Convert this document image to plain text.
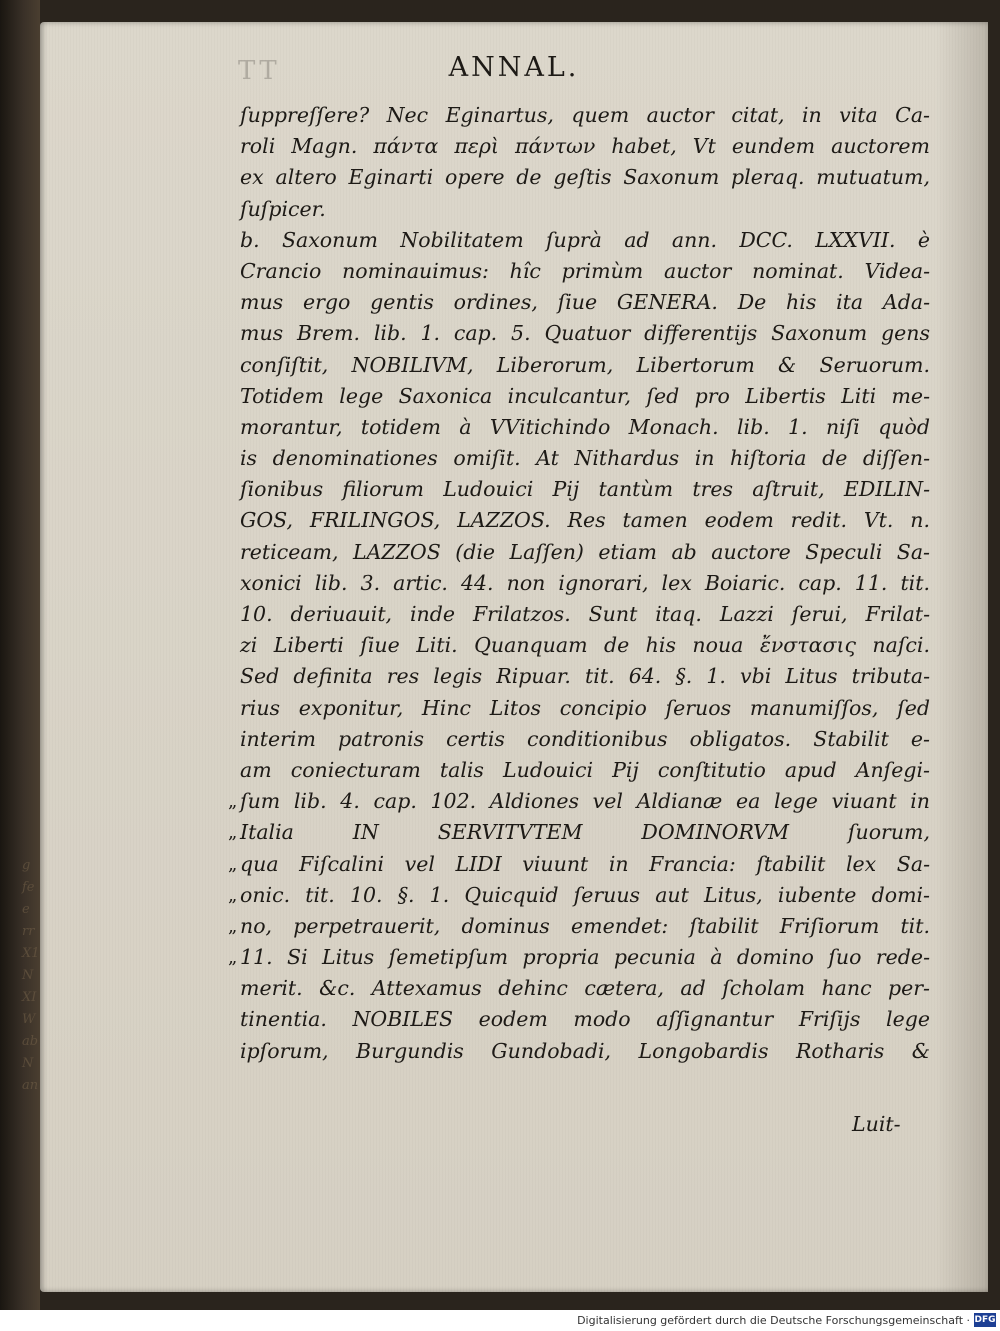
g
fe
e
rr
X1
N
XI
W
ab
N
an
ΤΤ	ANNAL.
ſuppreſſere? Nec Eginartus, quem auctor citat, in vita Ca-
roli Magn. πάντα περὶ πάντων habet, Vt eundem auctorem
ex altero Eginarti opere de geſtis Saxonum pleraq. mutuatum,
ſuſpicer.
b. Saxonum Nobilitatem ſuprà ad ann. DCC. LXXVII. è
Crancio nominauimus: hîc primùm auctor nominat. Videa-
mus ergo gentis ordines, ſiue GENERA. De his ita Ada-
mus Brem. lib. 1. cap. 5. Quatuor differentijs Saxonum gens
conſiſtit, NOBILIVM, Liberorum, Libertorum & Seruorum.
Totidem lege Saxonica inculcantur, ſed pro Libertis Liti me-
morantur, totidem à VVitichindo Monach. lib. 1. niſi quòd
is denominationes omiſit. At Nithardus in hiſtoria de diſſen-
ſionibus filiorum Ludouici Pij tantùm tres aſtruit, EDILIN-
GOS, FRILINGOS, LAZZOS. Res tamen eodem redit. Vt. n.
reticeam, LAZZOS (die Laſſen) etiam ab auctore Speculi Sa-
xonici lib. 3. artic. 44. non ignorari, lex Boiaric. cap. 11. tit.
10. deriuauit, inde Frilatzos. Sunt itaq. Lazzi ſerui, Frilat-
zi Liberti ſiue Liti. Quanquam de his noua ἔνστασις naſci.
Sed definita res legis Ripuar. tit. 64. §. 1. vbi Litus tributa-
rius exponitur, Hinc Litos concipio ſeruos manumiſſos, ſed
interim patronis certis conditionibus obligatos. Stabilit e-
am coniecturam talis Ludouici Pij conſtitutio apud Anſegi-
„ ſum lib. 4. cap. 102. Aldiones vel Aldianæ ea lege viuant in
„ Italia IN SERVITVTEM DOMINORVM ſuorum,
„ qua Fiſcalini vel LIDI viuunt in Francia: ſtabilit lex Sa-
„ onic. tit. 10. §. 1. Quicquid ſeruus aut Litus, iubente domi-
„ no, perpetrauerit, dominus emendet: ſtabilit Friſiorum tit.
„ 11. Si Litus ſemetipſum propria pecunia à domino ſuo rede-
merit. &c. Attexamus dehinc cætera, ad ſcholam hanc per-
tinentia. NOBILES eodem modo aſſignantur Friſijs lege
ipſorum, Burgundis Gundobadi, Longobardis Rotharis &
Luit-
Digitalisierung gefördert durch die Deutsche Forschungsgemeinschaft · DFG
